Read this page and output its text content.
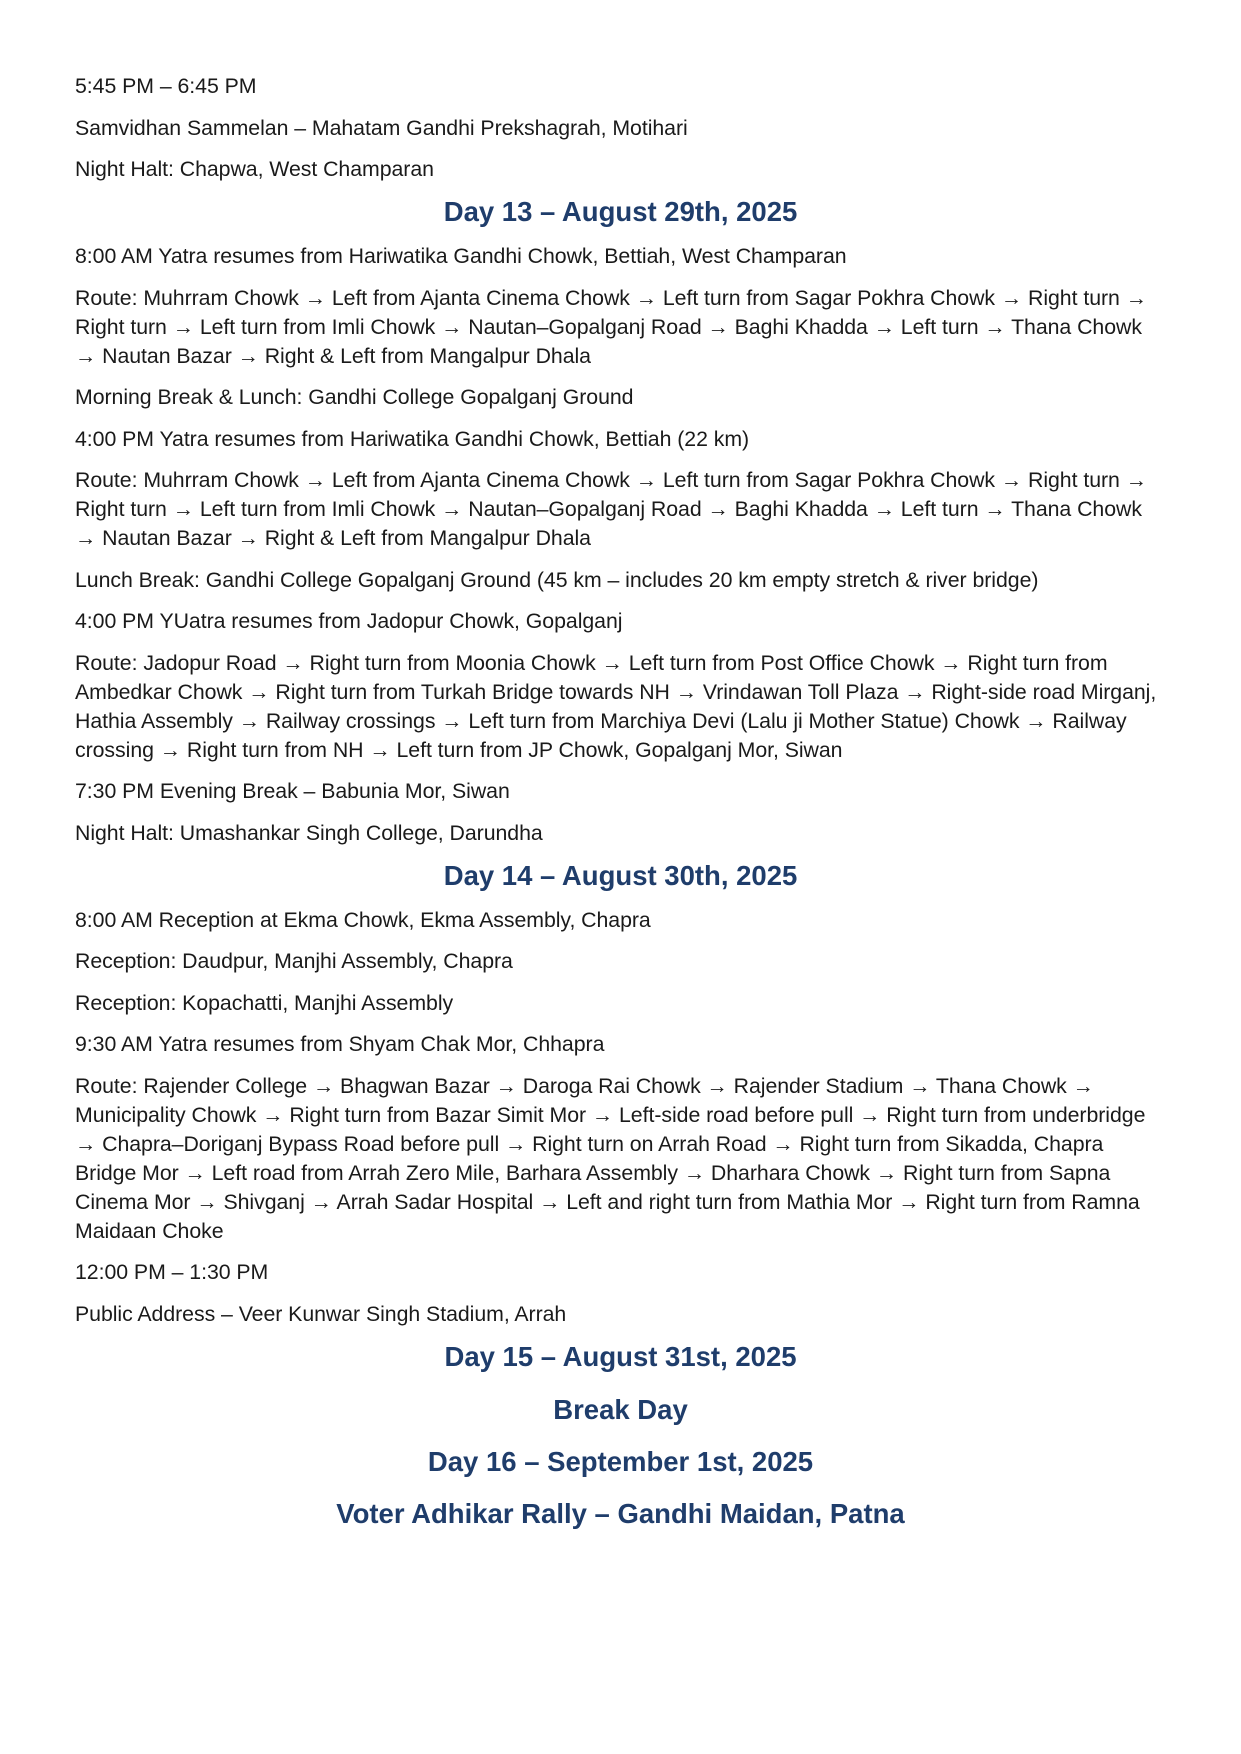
5:45 PM – 6:45 PM

Samvidhan Sammelan – Mahatam Gandhi Prekshagrah, Motihari

Night Halt: Chapwa, West Champaran

Day 13 – August 29th, 2025

8:00 AM Yatra resumes from Hariwatika Gandhi Chowk, Bettiah, West Champaran

Route: Muhrram Chowk → Left from Ajanta Cinema Chowk → Left turn from Sagar Pokhra Chowk → Right turn → Right turn → Left turn from Imli Chowk → Nautan–Gopalganj Road → Baghi Khadda → Left turn → Thana Chowk → Nautan Bazar → Right & Left from Mangalpur Dhala

Morning Break & Lunch: Gandhi College Gopalganj Ground

4:00 PM Yatra resumes from Hariwatika Gandhi Chowk, Bettiah (22 km)

Route: Muhrram Chowk → Left from Ajanta Cinema Chowk → Left turn from Sagar Pokhra Chowk → Right turn → Right turn → Left turn from Imli Chowk → Nautan–Gopalganj Road → Baghi Khadda → Left turn → Thana Chowk → Nautan Bazar → Right & Left from Mangalpur Dhala

Lunch Break: Gandhi College Gopalganj Ground (45 km – includes 20 km empty stretch & river bridge)

4:00 PM YUatra resumes from Jadopur Chowk, Gopalganj

Route: Jadopur Road → Right turn from Moonia Chowk → Left turn from Post Office Chowk → Right turn from Ambedkar Chowk → Right turn from Turkah Bridge towards NH → Vrindawan Toll Plaza → Right-side road Mirganj, Hathia Assembly → Railway crossings → Left turn from Marchiya Devi (Lalu ji Mother Statue) Chowk → Railway crossing → Right turn from NH → Left turn from JP Chowk, Gopalganj Mor, Siwan

7:30 PM Evening Break – Babunia Mor, Siwan

Night Halt: Umashankar Singh College, Darundha

Day 14 – August 30th, 2025

8:00 AM Reception at Ekma Chowk, Ekma Assembly, Chapra

Reception: Daudpur, Manjhi Assembly, Chapra

Reception: Kopachatti, Manjhi Assembly

9:30 AM Yatra resumes from Shyam Chak Mor, Chhapra

Route: Rajender College → Bhagwan Bazar → Daroga Rai Chowk → Rajender Stadium → Thana Chowk → Municipality Chowk → Right turn from Bazar Simit Mor → Left-side road before pull → Right turn from underbridge → Chapra–Doriganj Bypass Road before pull → Right turn on Arrah Road → Right turn from Sikadda, Chapra Bridge Mor → Left road from Arrah Zero Mile, Barhara Assembly → Dharhara Chowk → Right turn from Sapna Cinema Mor → Shivganj → Arrah Sadar Hospital → Left and right turn from Mathia Mor → Right turn from Ramna Maidaan Choke

12:00 PM – 1:30 PM

Public Address – Veer Kunwar Singh Stadium, Arrah

Day 15 – August 31st, 2025
Break Day
Day 16 – September 1st, 2025
Voter Adhikar Rally – Gandhi Maidan, Patna
